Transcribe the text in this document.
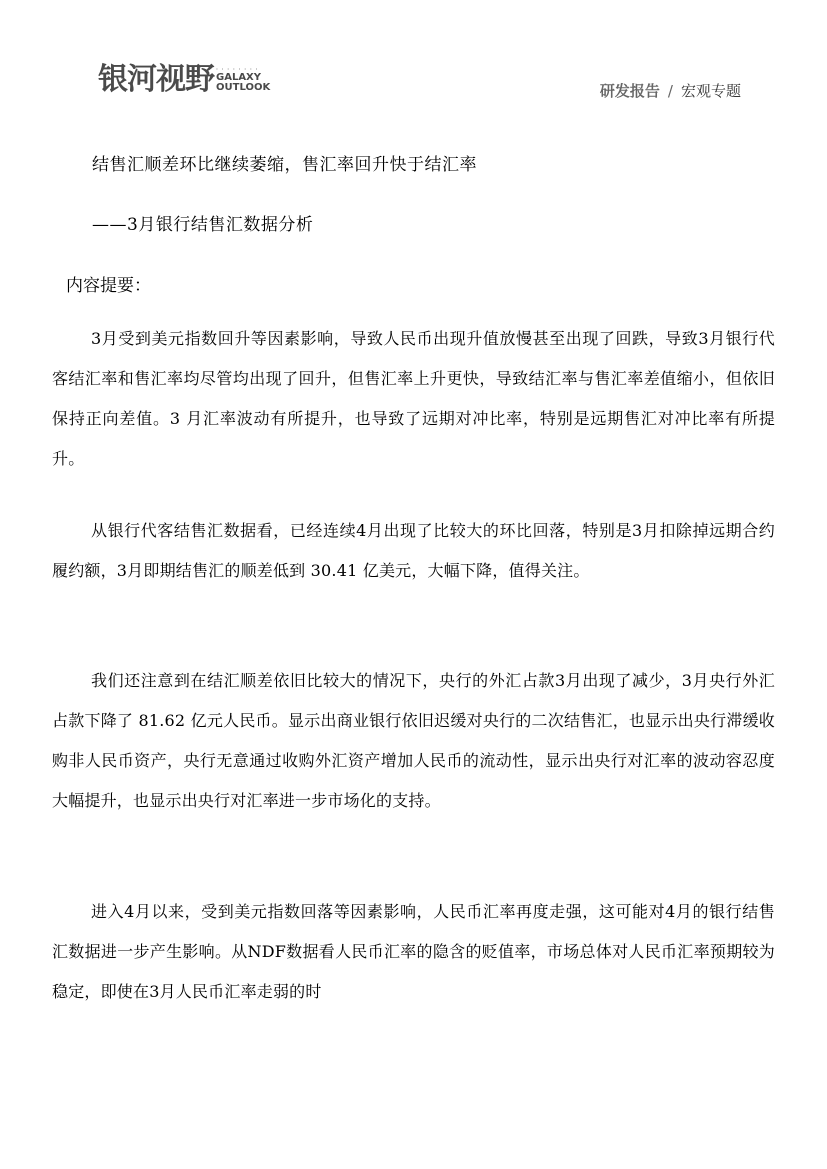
银河视野 · · · · · · · ·
GALAXY
OUTLOOK	研发报告 / 宏观专题
结售汇顺差环比继续萎缩，售汇率回升快于结汇率
——3月银行结售汇数据分析
内容提要：

3月受到美元指数回升等因素影响，导致人民币出现升值放慢甚至出现了回跌，导致3月银行代客结汇率和售汇率均尽管均出现了回升，但售汇率上升更快，导致结汇率与售汇率差值缩小，但依旧保持正向差值。3 月汇率波动有所提升，也导致了远期对冲比率，特别是远期售汇对冲比率有所提升。

从银行代客结售汇数据看，已经连续4月出现了比较大的环比回落，特别是3月扣除掉远期合约履约额，3月即期结售汇的顺差低到 30.41 亿美元，大幅下降，值得关注。

我们还注意到在结汇顺差依旧比较大的情况下，央行的外汇占款3月出现了减少，3月央行外汇占款下降了 81.62 亿元人民币。显示出商业银行依旧迟缓对央行的二次结售汇，也显示出央行滞缓收购非人民币资产，央行无意通过收购外汇资产增加人民币的流动性，显示出央行对汇率的波动容忍度大幅提升，也显示出央行对汇率进一步市场化的支持。

进入4月以来，受到美元指数回落等因素影响，人民币汇率再度走强，这可能对4月的银行结售汇数据进一步产生影响。从NDF数据看人民币汇率的隐含的贬值率，市场总体对人民币汇率预期较为稳定，即使在3月人民币汇率走弱的时
